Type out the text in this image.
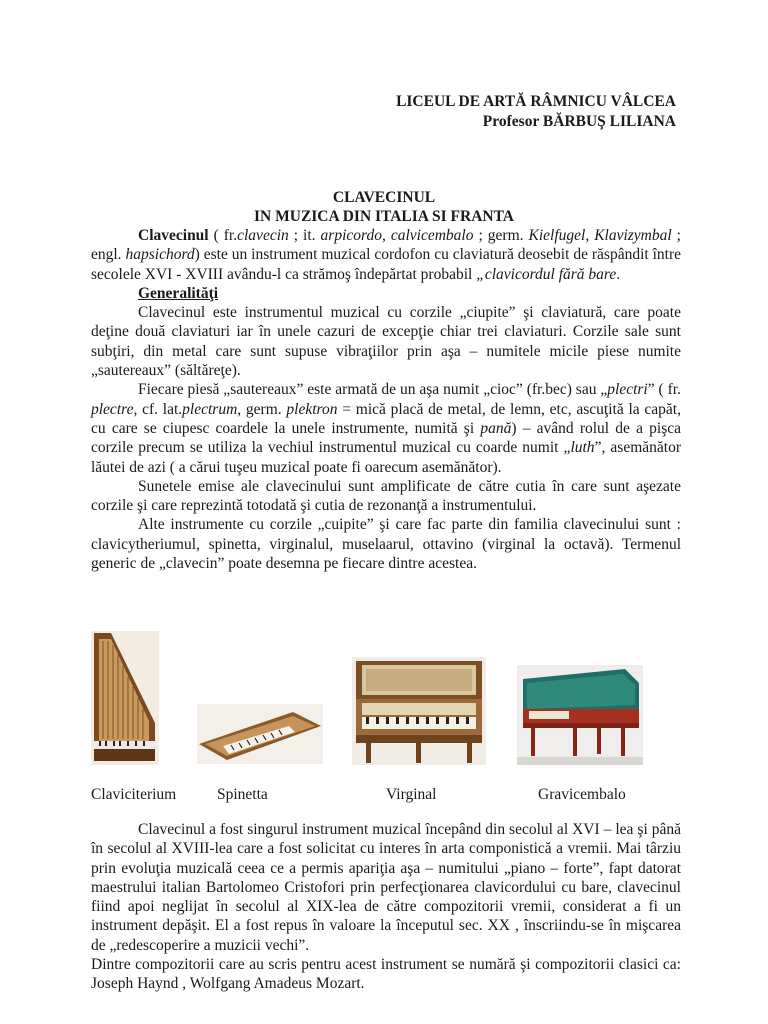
LICEUL DE ARTĂ RÂMNICU VÂLCEA
Profesor BĂRBUŞ LILIANA
CLAVECINUL
IN MUZICA DIN ITALIA SI FRANTA

Clavecinul ( fr.clavecin ; it. arpicordo, calvicembalo ; germ. Kielfugel, Klavizymbal ; engl. hapsichord) este un instrument muzical cordofon cu claviatură deosebit de răspândit între secolele XVI - XVIII avându-l ca strămoş îndepărtat probabil „clavicordul fără bare.

Generalităţi

Clavecinul este instrumentul muzical cu corzile „ciupite” şi claviatură, care poate deţine două claviaturi iar în unele cazuri de excepţie chiar trei claviaturi. Corzile sale sunt subţiri, din metal care sunt supuse vibraţiilor prin aşa – numitele micile piese numite „sautereaux” (săltăreţe).

Fiecare piesă „sautereaux” este armată de un aşa numit „cioc” (fr.bec) sau „plectri” ( fr. plectre, cf. lat.plectrum, germ. plektron = mică placă de metal, de lemn, etc, ascuţită la capăt, cu care se ciupesc coardele la unele instrumente, numită şi pană) – având rolul de a pişca corzile precum se utiliza la vechiul instrumentul muzical cu coarde numit „luth”, asemănător lăutei de azi ( a cărui tuşeu muzical poate fi oarecum asemănător).

Sunetele emise ale clavecinului sunt amplificate de către cutia în care sunt aşezate corzile şi care reprezintă totodată şi cutia de rezonanţă a instrumentului.

Alte instrumente cu corzile „cuipite” şi care fac parte din familia clavecinului sunt : clavicytheriumul, spinetta, virginalul, muselaarul, ottavino (virginal la octavă). Termenul generic de „clavecin” poate desemna pe fiecare dintre acestea.

Claviciterium	Spinetta	Virginal	Gravicembalo

Clavecinul a fost singurul instrument muzical începând din secolul al XVI – lea şi până în secolul al XVIII-lea care a fost solicitat cu interes în arta componistică a vremii. Mai târziu prin evoluţia muzicală ceea ce a permis apariţia aşa – numitului „piano – forte”, fapt datorat maestrului italian Bartolomeo Cristofori prin perfecţionarea clavicordului cu bare, clavecinul fiind apoi neglijat în secolul al XIX-lea de către compozitorii vremii, considerat a fi un instrument depăşit. El a fost repus în valoare la începutul sec. XX , înscriindu-se în mişcarea de „redescoperire a muzicii vechi”.

Dintre compozitorii care au scris pentru acest instrument se numără şi compozitorii clasici ca: Joseph Haynd , Wolfgang Amadeus Mozart.
